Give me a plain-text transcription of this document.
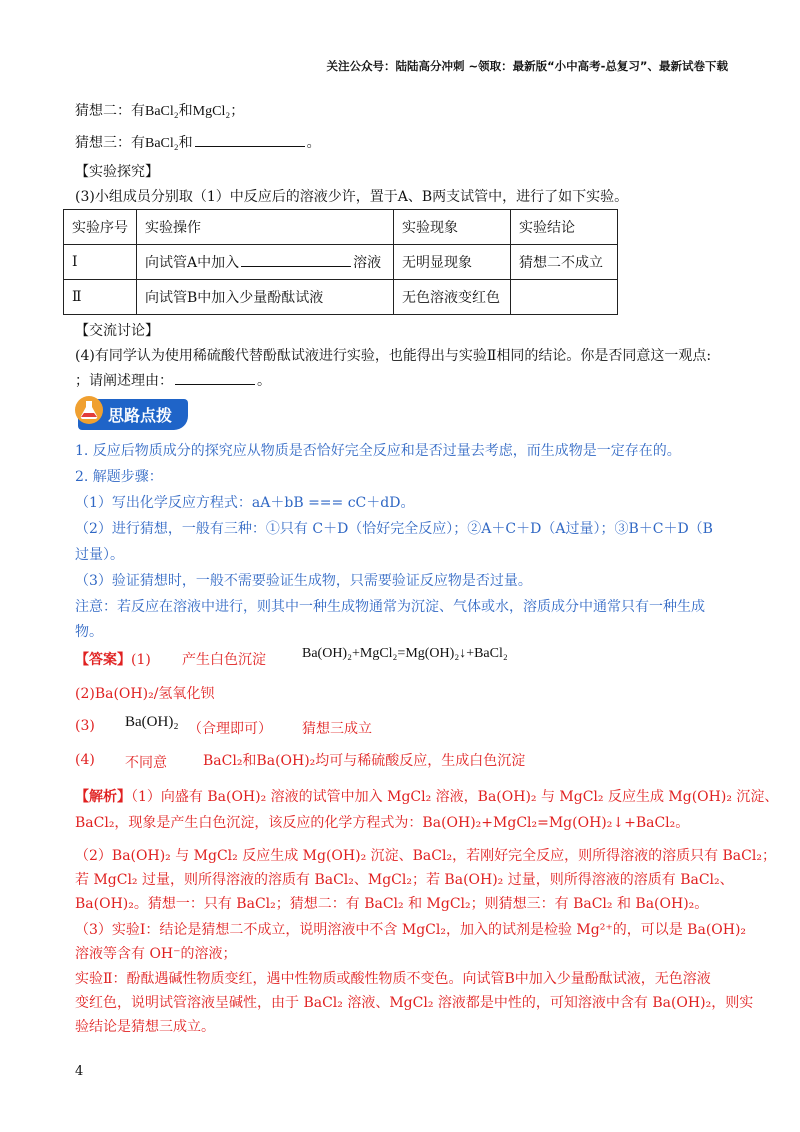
关注公众号：陆陆高分冲刺 ~领取：最新版“小中高考-总复习”、最新试卷下载
猜想二：有BaCl₂和MgCl₂；
猜想三：有BaCl₂和	。
【实验探究】
(3)小组成员分别取（1）中反应后的溶液少许，置于A、B两支试管中，进行了如下实验。
实验序号	实验操作	实验现象	实验结论
Ⅰ	向试管A中加入 溶液	无明显现象	猜想二不成立
Ⅱ	向试管B中加入少量酚酞试液	无色溶液变红色	
【交流讨论】
(4)有同学认为使用稀硫酸代替酚酞试液进行实验，也能得出与实验Ⅱ相同的结论。你是否同意这一观点:
；请阐述理由：	。
思路点拨
1. 反应后物质成分的探究应从物质是否恰好完全反应和是否过量去考虑，而生成物是一定存在的。
2. 解题步骤：
（1）写出化学反应方程式：aA＋bB === cC＋dD。
（2）进行猜想，一般有三种：①只有 C＋D（恰好完全反应）；②A＋C＋D（A过量）；③B＋C＋D（B
过量）。
（3）验证猜想时，一般不需要验证生成物，只需要验证反应物是否过量。
注意：若反应在溶液中进行，则其中一种生成物通常为沉淀、气体或水，溶质成分中通常只有一种生成
物。
【答案】(1) 产生白色沉淀	Ba(OH)₂+MgCl₂=Mg(OH)₂↓+BaCl₂
(2)Ba(OH)₂/氢氧化钡
(3) Ba(OH)₂ （合理即可） 猜想三成立
(4) 不同意	BaCl₂和Ba(OH)₂均可与稀硫酸反应，生成白色沉淀
【解析】（1）向盛有 Ba(OH)₂ 溶液的试管中加入 MgCl₂ 溶液，Ba(OH)₂ 与 MgCl₂ 反应生成 Mg(OH)₂ 沉淀、
BaCl₂，现象是产生白色沉淀，该反应的化学方程式为：Ba(OH)₂+MgCl₂=Mg(OH)₂↓+BaCl₂。
（2）Ba(OH)₂ 与 MgCl₂ 反应生成 Mg(OH)₂ 沉淀、BaCl₂，若刚好完全反应，则所得溶液的溶质只有 BaCl₂；
若 MgCl₂ 过量，则所得溶液的溶质有 BaCl₂、MgCl₂；若 Ba(OH)₂ 过量，则所得溶液的溶质有 BaCl₂、
Ba(OH)₂。猜想一：只有 BaCl₂；猜想二：有 BaCl₂ 和 MgCl₂；则猜想三：有 BaCl₂ 和 Ba(OH)₂。
（3）实验Ⅰ：结论是猜想二不成立，说明溶液中不含 MgCl₂，加入的试剂是检验 Mg²⁺的，可以是 Ba(OH)₂
溶液等含有 OH⁻的溶液；
实验Ⅱ：酚酞遇碱性物质变红，遇中性物质或酸性物质不变色。向试管B中加入少量酚酞试液，无色溶液
变红色，说明试管溶液呈碱性，由于 BaCl₂ 溶液、MgCl₂ 溶液都是中性的，可知溶液中含有 Ba(OH)₂，则实
验结论是猜想三成立。
4
